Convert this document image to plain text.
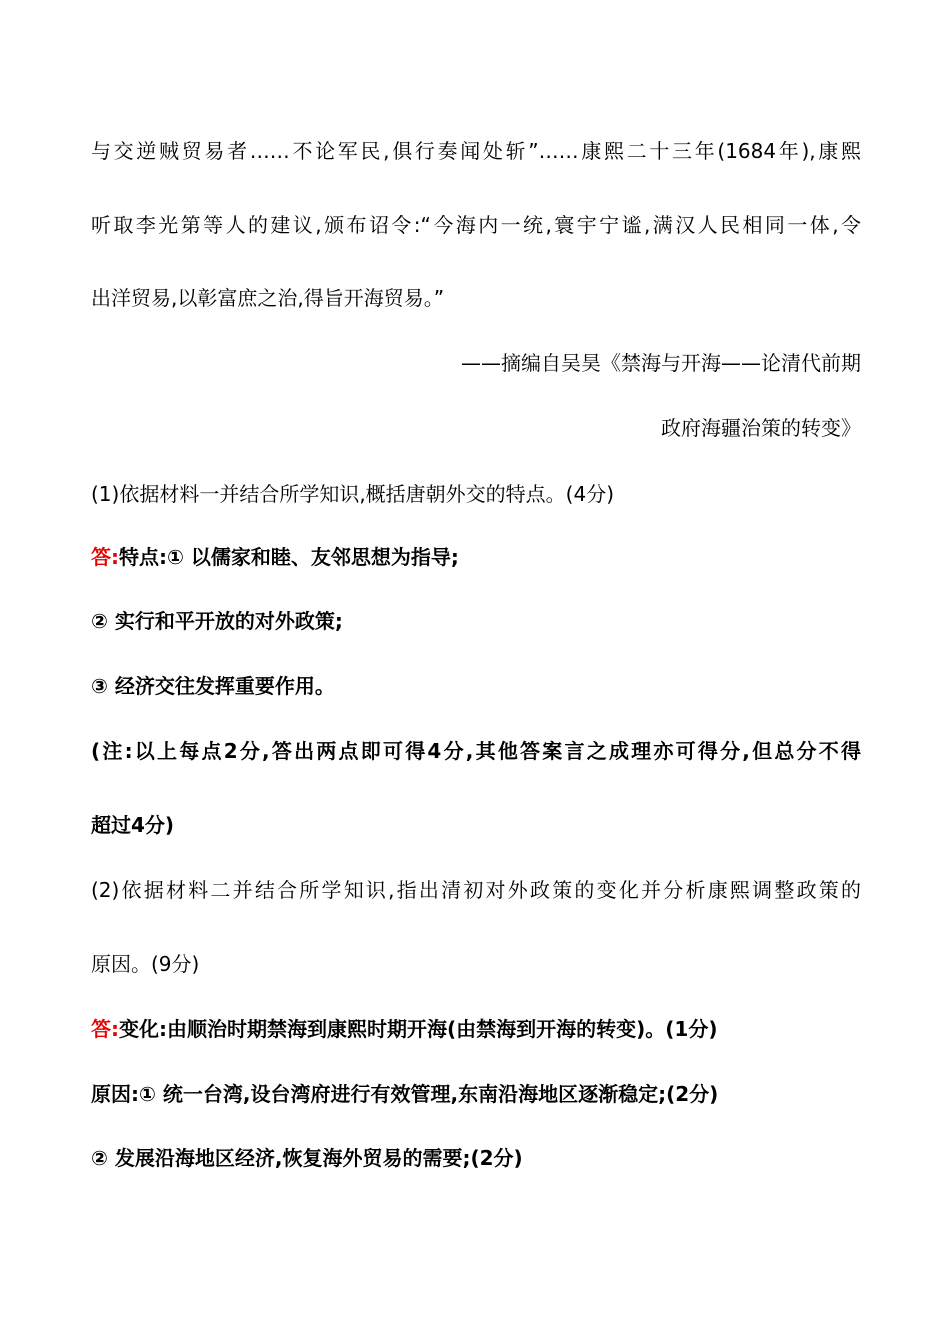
与交逆贼贸易者……不论军民,俱行奏闻处斩”……康熙二十三年(1684年),康熙
听取李光第等人的建议,颁布诏令:“今海内一统,寰宇宁谧,满汉人民相同一体,令
出洋贸易,以彰富庶之治,得旨开海贸易。”
——摘编自吴昊《禁海与开海——论清代前期
政府海疆治策的转变》
(1)依据材料一并结合所学知识,概括唐朝外交的特点。(4分)
答:特点:① 以儒家和睦、友邻思想为指导;
② 实行和平开放的对外政策;
③ 经济交往发挥重要作用。
(注:以上每点2分,答出两点即可得4分,其他答案言之成理亦可得分,但总分不得
超过4分)
(2)依据材料二并结合所学知识,指出清初对外政策的变化并分析康熙调整政策的
原因。(9分)
答:变化:由顺治时期禁海到康熙时期开海(由禁海到开海的转变)。(1分)
原因:① 统一台湾,设台湾府进行有效管理,东南沿海地区逐渐稳定;(2分)
② 发展沿海地区经济,恢复海外贸易的需要;(2分)
